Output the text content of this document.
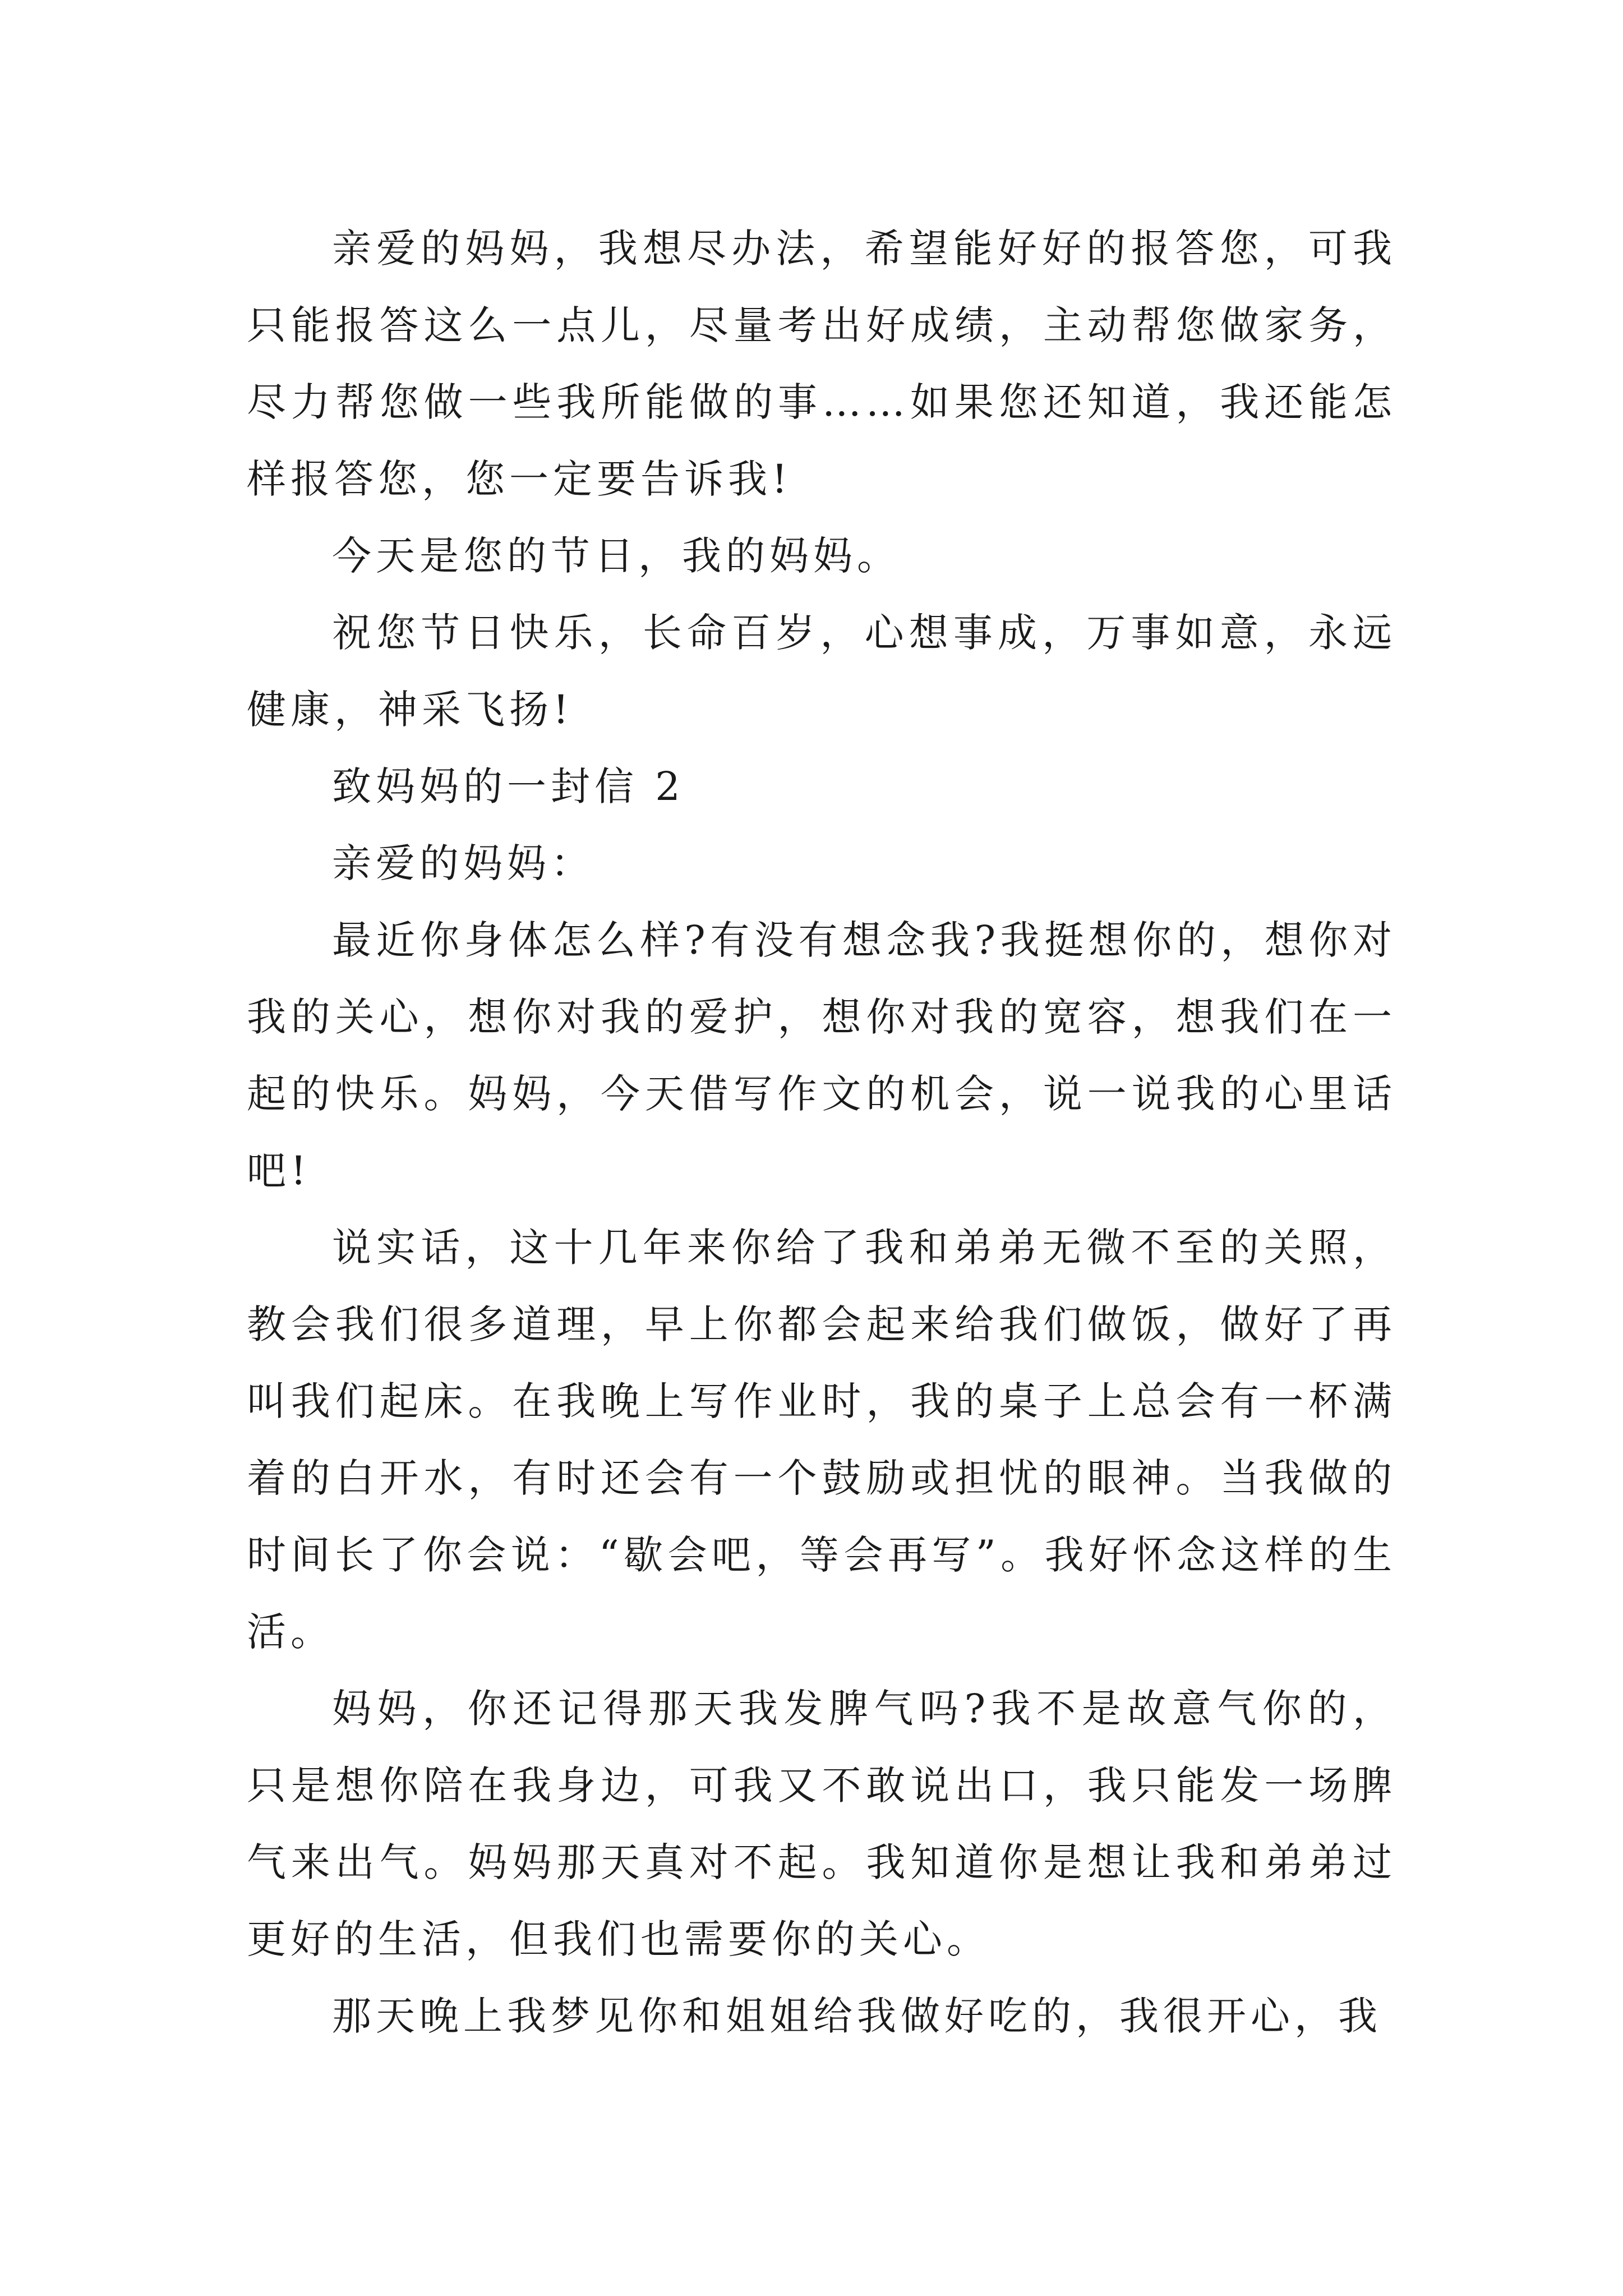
亲爱的妈妈，我想尽办法，希望能好好的报答您，可我只能报答这么一点儿，尽量考出好成绩，主动帮您做家务，尽力帮您做一些我所能做的事……如果您还知道，我还能怎样报答您，您一定要告诉我!

今天是您的节日，我的妈妈。

祝您节日快乐，长命百岁，心想事成，万事如意，永远健康，神采飞扬!

致妈妈的一封信 2

亲爱的妈妈：

最近你身体怎么样?有没有想念我?我挺想你的，想你对我的关心，想你对我的爱护，想你对我的宽容，想我们在一起的快乐。妈妈，今天借写作文的机会，说一说我的心里话吧!

说实话，这十几年来你给了我和弟弟无微不至的关照，教会我们很多道理，早上你都会起来给我们做饭，做好了再叫我们起床。在我晚上写作业时，我的桌子上总会有一杯满着的白开水，有时还会有一个鼓励或担忧的眼神。当我做的时间长了你会说：“歇会吧，等会再写”。我好怀念这样的生活。

妈妈，你还记得那天我发脾气吗?我不是故意气你的，只是想你陪在我身边，可我又不敢说出口，我只能发一场脾气来出气。妈妈那天真对不起。我知道你是想让我和弟弟过更好的生活，但我们也需要你的关心。

那天晚上我梦见你和姐姐给我做好吃的，我很开心，我
